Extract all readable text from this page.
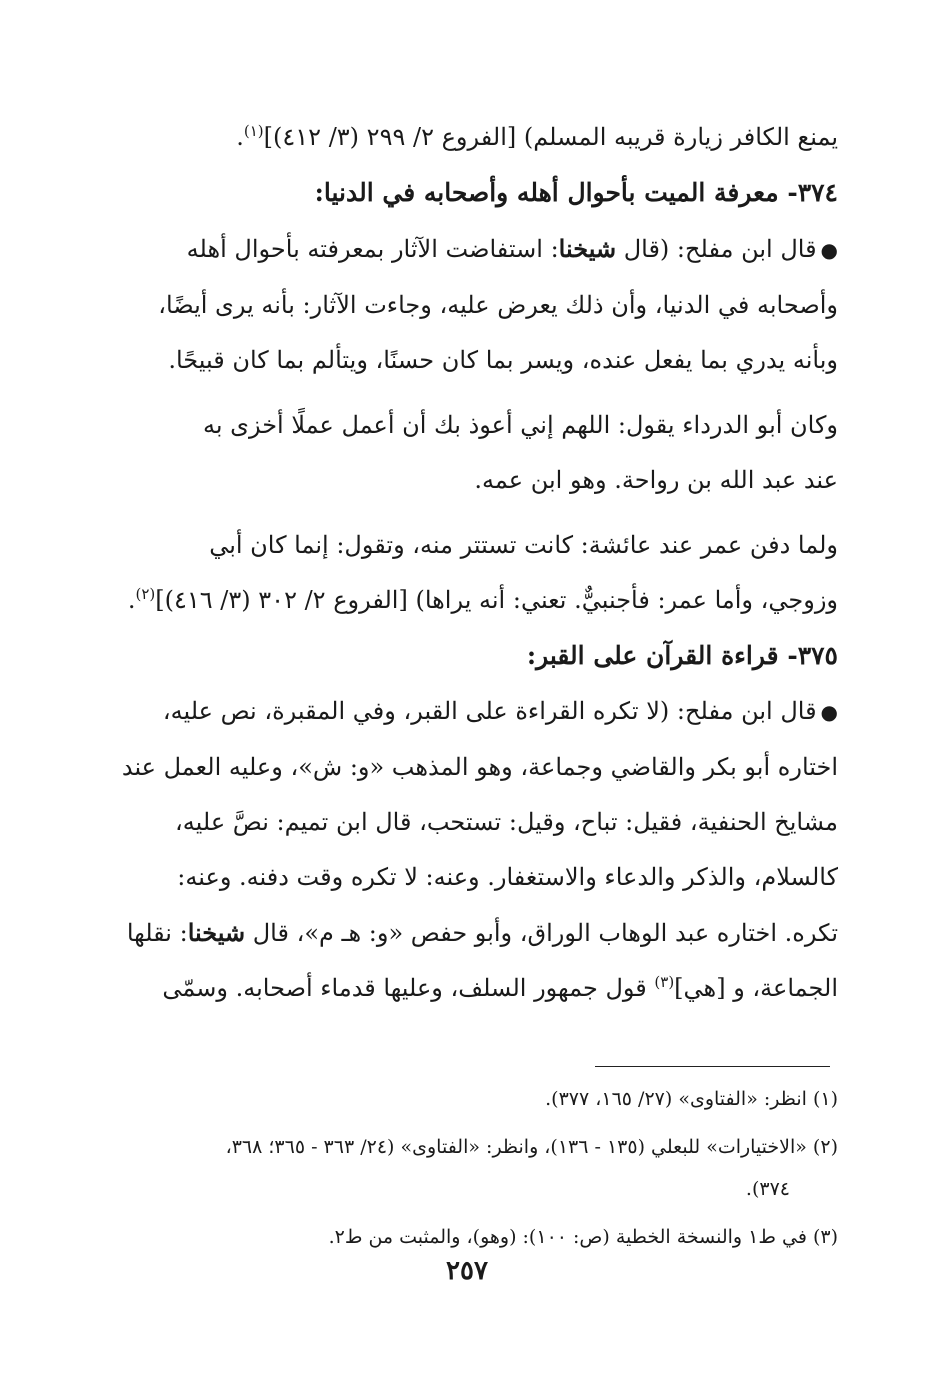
يمنع الكافر زيارة قريبه المسلم) [الفروع ٢/ ٢٩٩ (٣/ ٤١٢)]$^{(١)}$.
٣٧٤- معرفة الميت بأحوال أهله وأصحابه في الدنيا:
●قال ابن مفلح: (قال شيخنا: استفاضت الآثار بمعرفته بأحوال أهله
وأصحابه في الدنيا، وأن ذلك يعرض عليه، وجاءت الآثار: بأنه يرى أيضًا،
وبأنه يدري بما يفعل عنده، ويسر بما كان حسنًا، ويتألم بما كان قبيحًا.
وكان أبو الدرداء يقول: اللهم إني أعوذ بك أن أعمل عملًا أخزى به
عند عبد الله بن رواحة. وهو ابن عمه.
ولما دفن عمر عند عائشة: كانت تستتر منه، وتقول: إنما كان أبي
وزوجي، وأما عمر: فأجنبيٌّ. تعني: أنه يراها) [الفروع ٢/ ٣٠٢ (٣/ ٤١٦)]$^{(٢)}$.
٣٧٥- قراءة القرآن على القبر:
●قال ابن مفلح: (لا تكره القراءة على القبر، وفي المقبرة، نص عليه،
اختاره أبو بكر والقاضي وجماعة، وهو المذهب «و: ش»، وعليه العمل عند
مشايخ الحنفية، فقيل: تباح، وقيل: تستحب، قال ابن تميم: نصَّ عليه،
كالسلام، والذكر والدعاء والاستغفار. وعنه: لا تكره وقت دفنه. وعنه:
تكره. اختاره عبد الوهاب الوراق، وأبو حفص «و: هـ م»، قال شيخنا: نقلها
الجماعة، و [هي]$^{(٣)}$ قول جمهور السلف، وعليها قدماء أصحابه. وسمّى
(١) انظر: «الفتاوى» (٢٧/ ١٦٥، ٣٧٧).
(٢) «الاختيارات» للبعلي (١٣٥ - ١٣٦)، وانظر: «الفتاوى» (٢٤/ ٣٦٣ - ٣٦٥؛ ٣٦٨،
٣٧٤).
(٣) في ط١ والنسخة الخطية (ص: ١٠٠): (وهو)، والمثبت من ط٢.
٢٥٧
